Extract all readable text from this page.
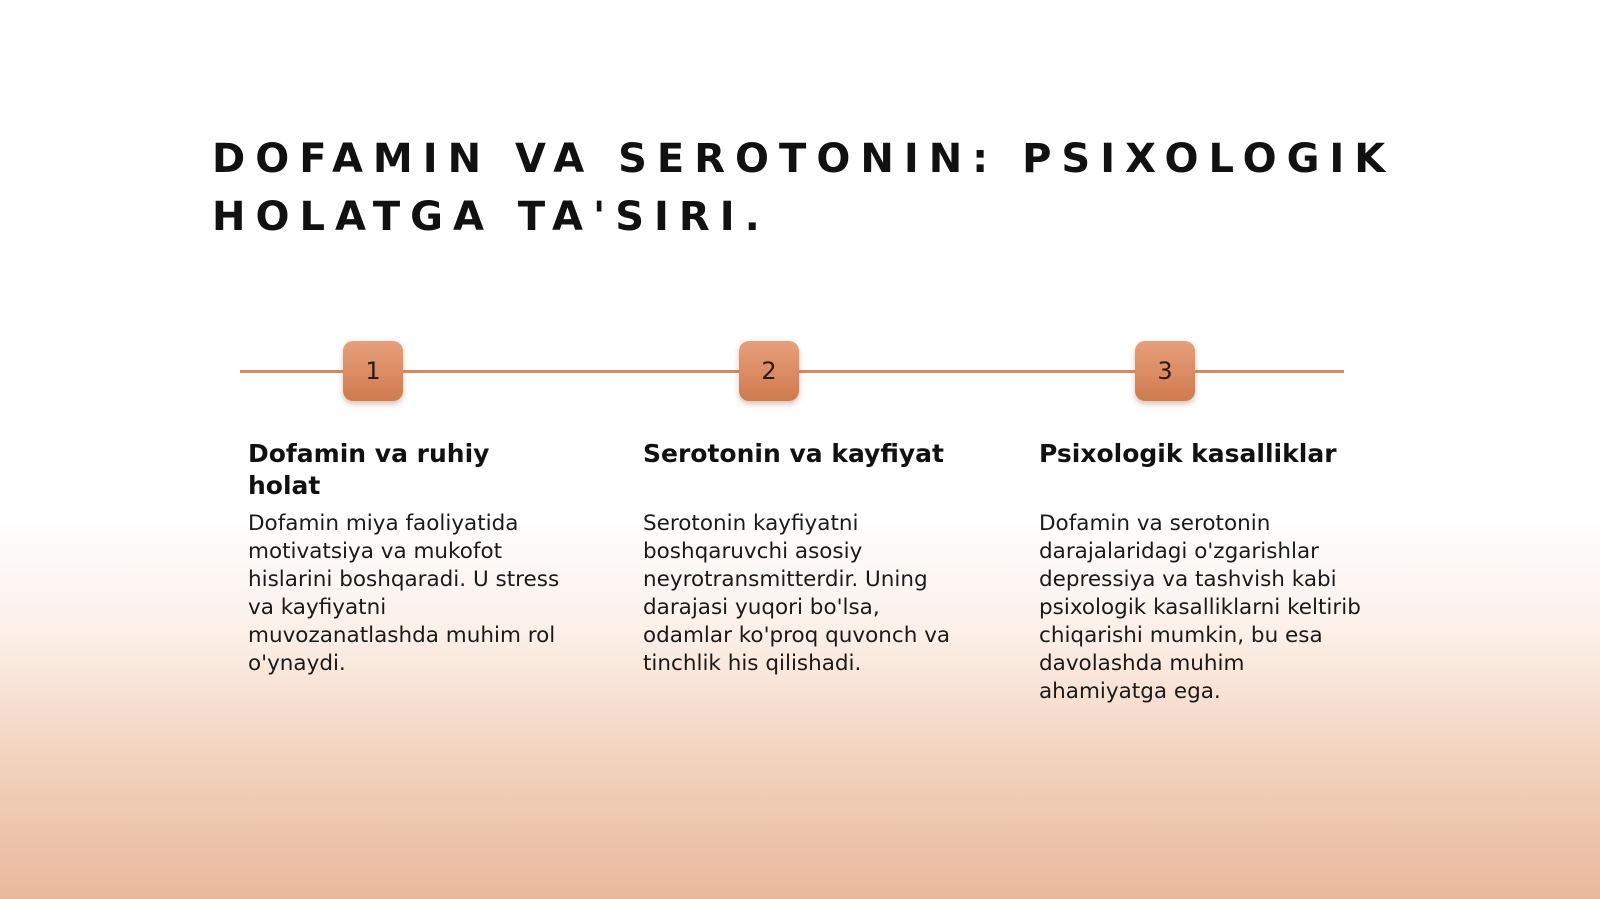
DOFAMIN VA SEROTONIN: PSIXOLOGIK HOLATGA TA'SIRI.
1	2	3
Dofamin va ruhiy holat

Dofamin miya faoliyatida motivatsiya va mukofot hislarini boshqaradi. U stress va kayfiyatni muvozanatlashda muhim rol o'ynaydi.

Serotonin va kayfiyat

Serotonin kayfiyatni boshqaruvchi asosiy neyrotransmitterdir. Uning darajasi yuqori bo'lsa, odamlar ko'proq quvonch va tinchlik his qilishadi.

Psixologik kasalliklar

Dofamin va serotonin darajalaridagi o'zgarishlar depressiya va tashvish kabi psixologik kasalliklarni keltirib chiqarishi mumkin, bu esa davolashda muhim ahamiyatga ega.
